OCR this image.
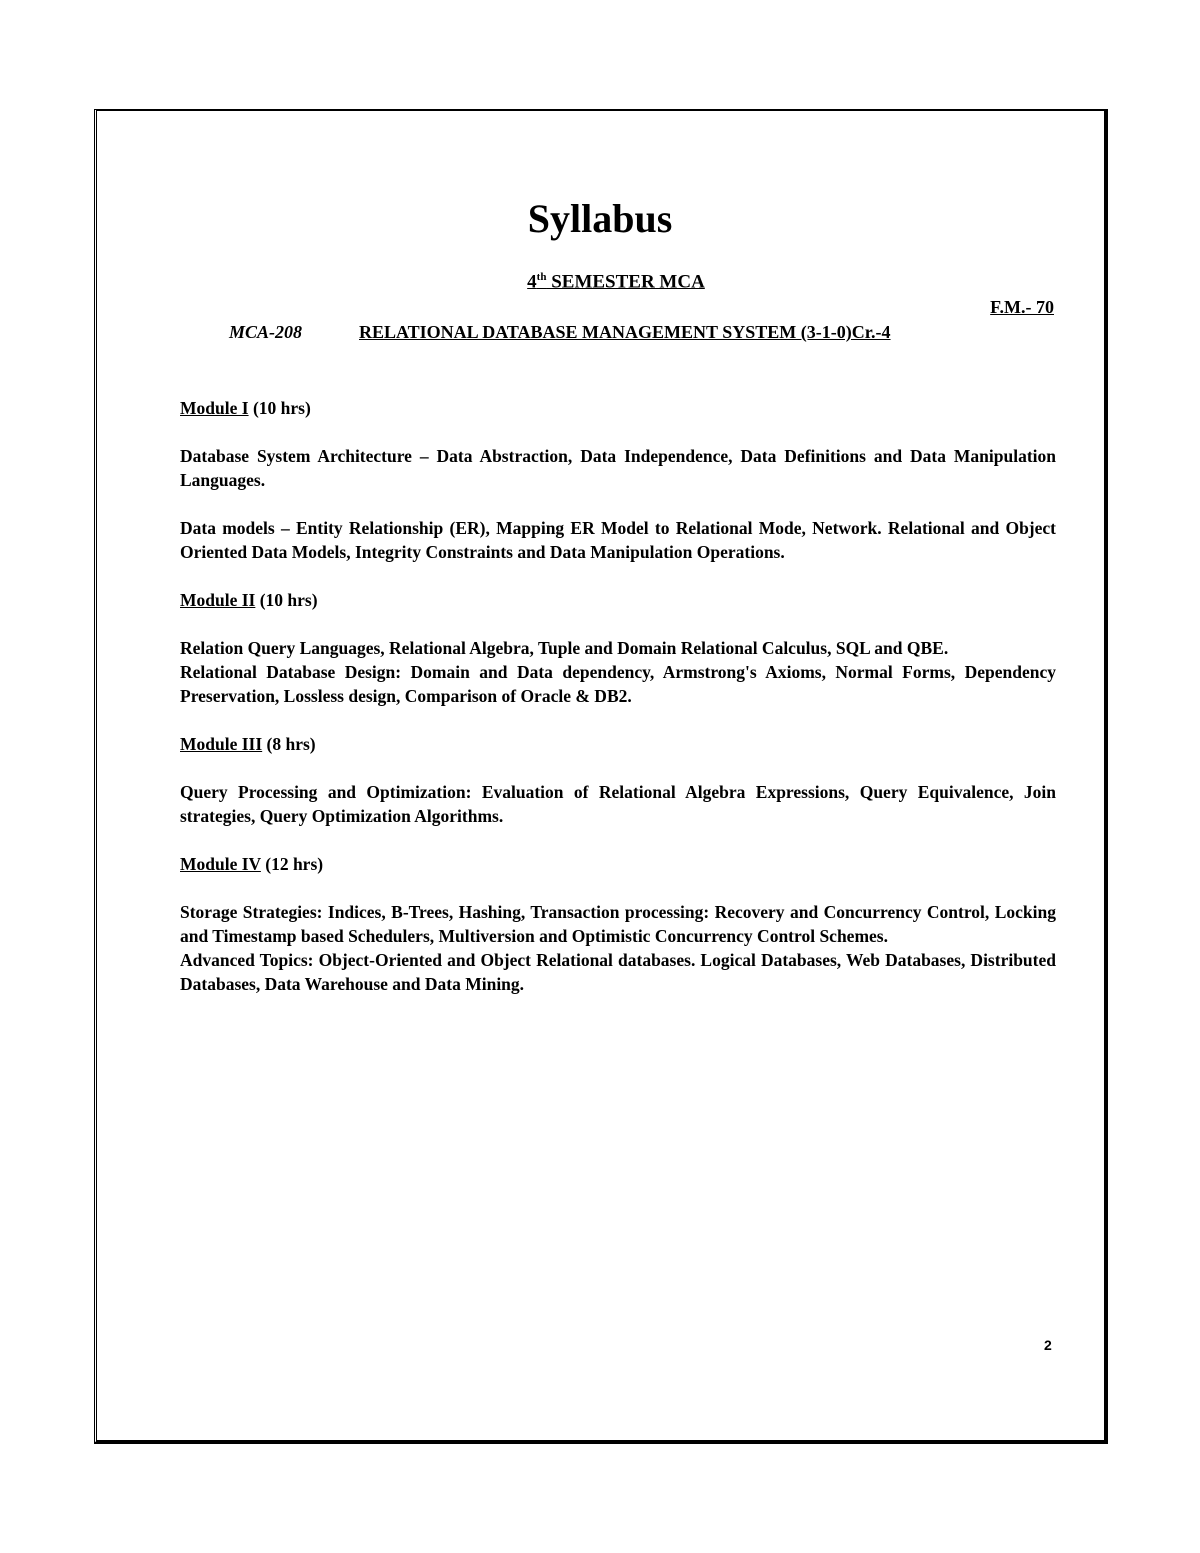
Syllabus
4th SEMESTER MCA
F.M.- 70
MCA-208	RELATIONAL DATABASE MANAGEMENT SYSTEM (3-1-0)Cr.-4

Module I (10 hrs)

Database System Architecture – Data Abstraction, Data Independence, Data Definitions and Data Manipulation Languages.

Data models – Entity Relationship (ER), Mapping ER Model to Relational Mode, Network. Relational and Object Oriented Data Models, Integrity Constraints and Data Manipulation Operations.

Module II (10 hrs)

Relation Query Languages, Relational Algebra, Tuple and Domain Relational Calculus, SQL and QBE.

Relational Database Design: Domain and Data dependency, Armstrong's Axioms, Normal Forms, Dependency Preservation, Lossless design, Comparison of Oracle & DB2.

Module III (8 hrs)

Query Processing and Optimization: Evaluation of Relational Algebra Expressions, Query Equivalence, Join strategies, Query Optimization Algorithms.

Module IV (12 hrs)

Storage Strategies: Indices, B-Trees, Hashing, Transaction processing: Recovery and Concurrency Control, Locking and Timestamp based Schedulers, Multiversion and Optimistic Concurrency Control Schemes.

Advanced Topics: Object-Oriented and Object Relational databases. Logical Databases, Web Databases, Distributed Databases, Data Warehouse and Data Mining.

2
